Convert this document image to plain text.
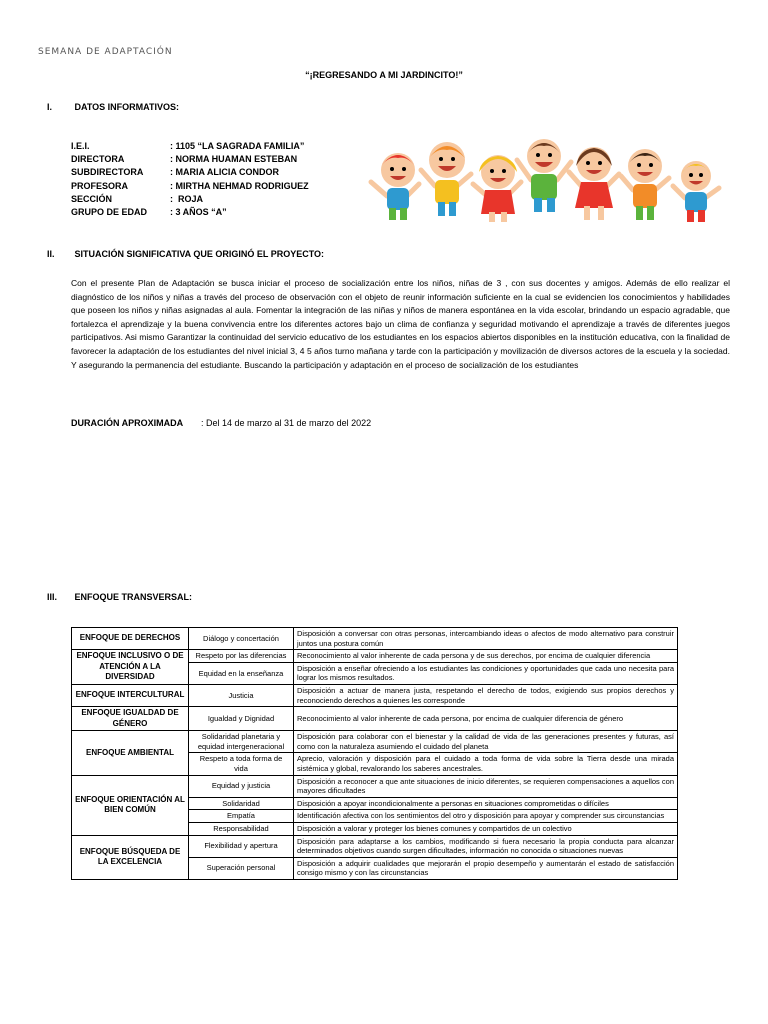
SEMANA DE ADAPTACIÓN
“¡REGRESANDO A MI JARDINCITO!”
I.	DATOS INFORMATIVOS:
I.E.I.	: 1105 “LA SAGRADA FAMILIA”
DIRECTORA	: NORMA HUAMAN ESTEBAN
SUBDIRECTORA	: MARIA ALICIA CONDOR
PROFESORA	: MIRTHA NEHMAD RODRIGUEZ
SECCIÓN	:  ROJA
GRUPO DE EDAD	: 3 AÑOS “A”
II. SITUACIÓN SIGNIFICATIVA QUE ORIGINÓ EL PROYECTO:
Con el presente Plan de Adaptación se busca iniciar el proceso de socialización entre los niños, niñas de 3 , con sus docentes y amigos. Además de ello realizar el diagnóstico de los niños y niñas a través del proceso de observación con el objeto de reunir información suficiente en la cual se evidencien los conocimientos y habilidades que poseen los niños y niñas asignadas al aula. Fomentar la integración de las niñas y niños de manera espontánea en la vida escolar, brindando un espacio agradable, que fortalezca el aprendizaje y la buena convivencia entre los diferentes actores bajo un clima de confianza y seguridad motivando el aprendizaje a través de diferentes juegos participativos. Asi mismo Garantizar la continuidad del servicio educativo de los estudiantes en los espacios abiertos disponibles en la institución educativa, con la finalidad de favorecer la adaptación de los estudiantes del nivel inicial 3, 4 5 años turno mañana y tarde con la participación y movilización de diversos actores de la escuela y la sociedad. Y asegurando la permanencia del estudiante. Buscando la participación y adaptación en el proceso de socialización de los estudiantes
DURACIÓN APROXIMADA : Del 14 de marzo al 31 de marzo del 2022
III. ENFOQUE TRANSVERSAL:
ENFOQUE DE DERECHOS	Diálogo y concertación	Disposición a conversar con otras personas, intercambiando ideas o afectos de modo alternativo para construir juntos una postura común
ENFOQUE INCLUSIVO O DE ATENCIÓN A LA DIVERSIDAD	Respeto por las diferencias	Reconocimiento al valor inherente de cada persona y de sus derechos, por encima de cualquier diferencia
	Equidad en la enseñanza	Disposición a enseñar ofreciendo a los estudiantes las condiciones y oportunidades que cada uno necesita para lograr los mismos resultados.
ENFOQUE INTERCULTURAL	Justicia	Disposición a actuar de manera justa, respetando el derecho de todos, exigiendo sus propios derechos y reconociendo derechos a quienes les corresponde
ENFOQUE IGUALDAD DE GÉNERO	Igualdad y Dignidad	Reconocimiento al valor inherente de cada persona, por encima de cualquier diferencia de género
ENFOQUE AMBIENTAL	Solidaridad planetaria y equidad intergeneracional	Disposición para colaborar con el bienestar y la calidad de vida de las generaciones presentes y futuras, así como con la naturaleza asumiendo el cuidado del planeta
	Respeto a toda forma de vida	Aprecio, valoración y disposición para el cuidado a toda forma de vida sobre la Tierra desde una mirada sistémica y global, revalorando los saberes ancestrales.
ENFOQUE ORIENTACIÓN AL BIEN COMÚN	Equidad y justicia	Disposición a reconocer a que ante situaciones de inicio diferentes, se requieren compensaciones a aquellos con mayores dificultades
	Solidaridad	Disposición a apoyar incondicionalmente a personas en situaciones comprometidas o difíciles
	Empatía	Identificación afectiva con los sentimientos del otro y disposición para apoyar y comprender sus circunstancias
	Responsabilidad	Disposición a valorar y proteger los bienes comunes y compartidos de un colectivo
ENFOQUE BÚSQUEDA DE LA EXCELENCIA	Flexibilidad y apertura	Disposición para adaptarse a los cambios, modificando si fuera necesario la propia conducta para alcanzar determinados objetivos cuando surgen dificultades, información no conocida o situaciones nuevas
	Superación personal	Disposición a adquirir cualidades que mejorarán el propio desempeño y aumentarán el estado de satisfacción consigo mismo y con las circunstancias
